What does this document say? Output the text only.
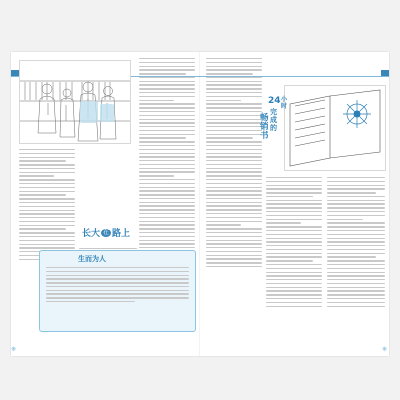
长大 在 路上
生而为人
❋
24 小时
完成的
畅销书
❋
